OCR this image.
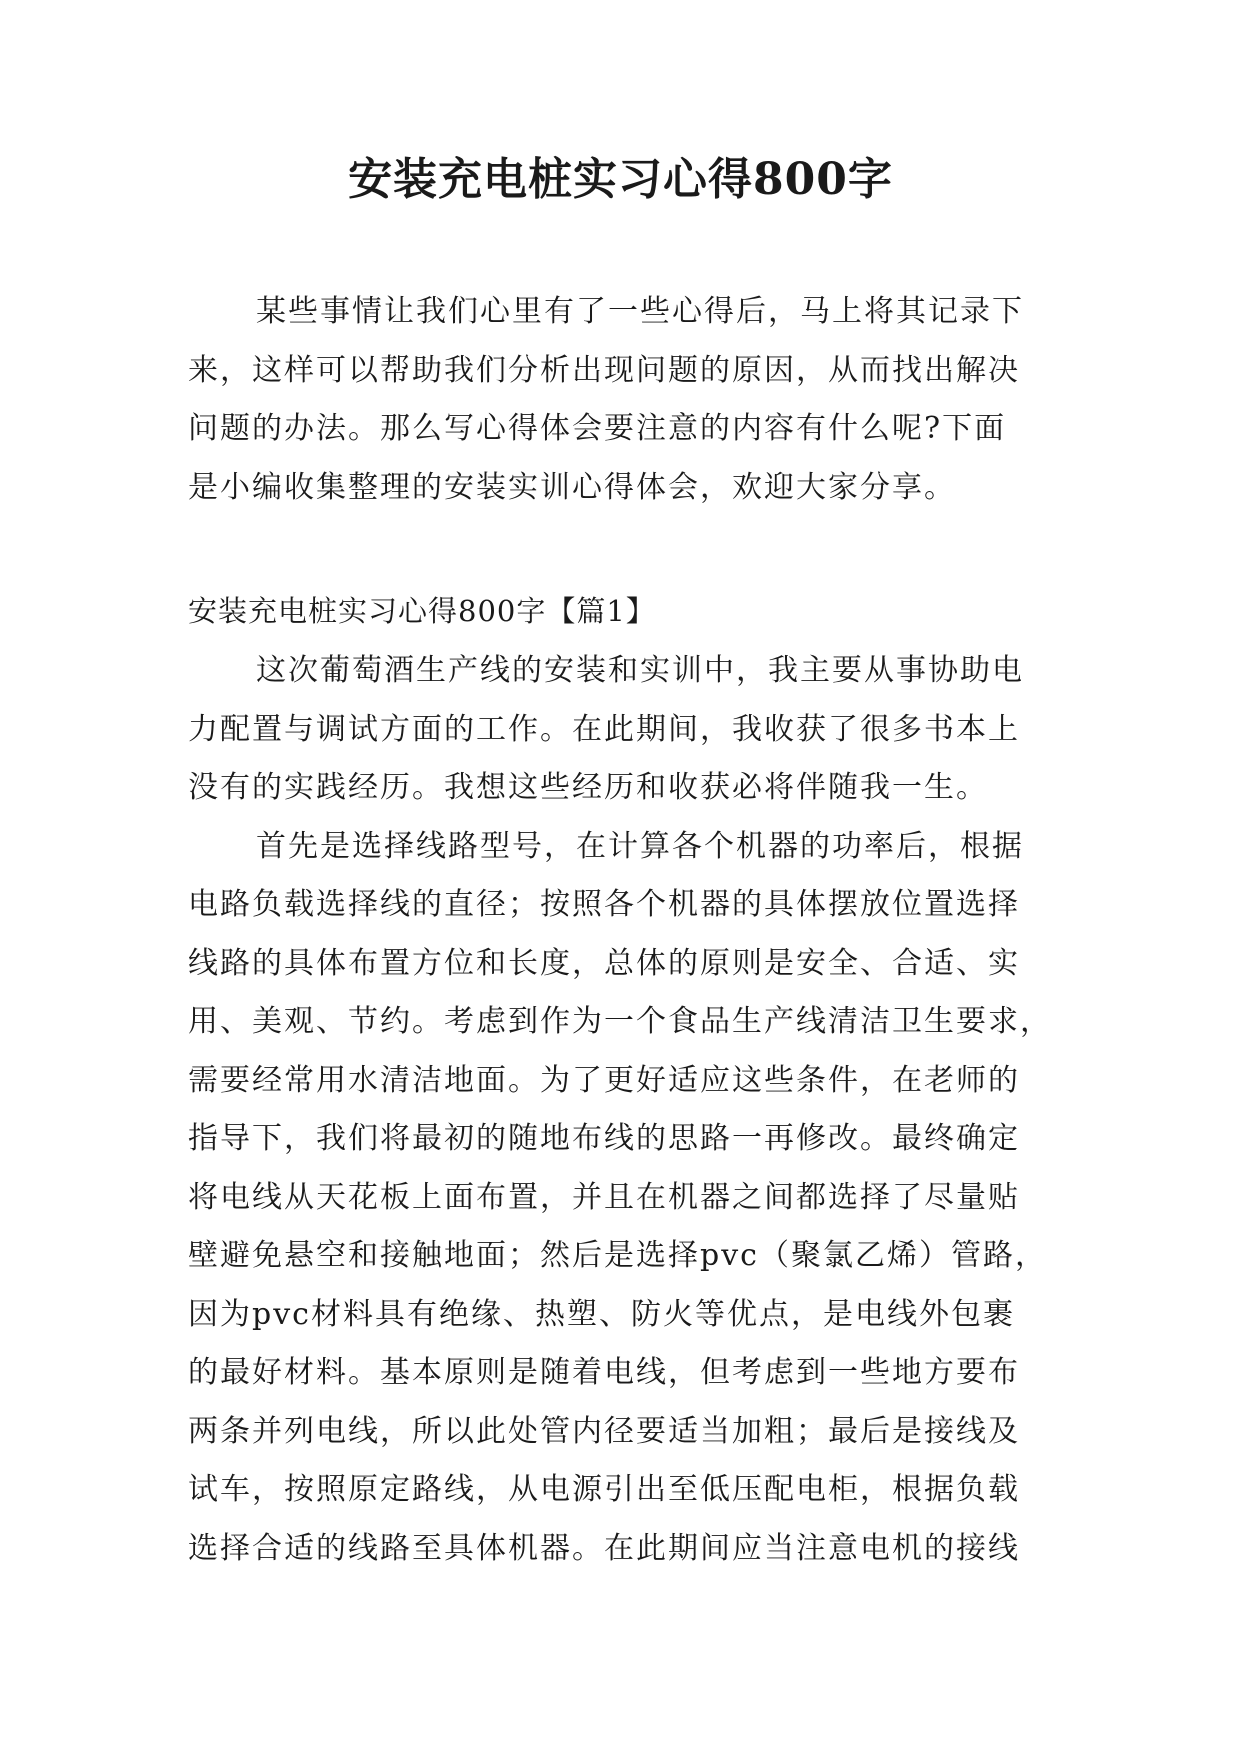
安装充电桩实习心得800字
某些事情让我们心里有了一些心得后，马上将其记录下
来，这样可以帮助我们分析出现问题的原因，从而找出解决
问题的办法。那么写心得体会要注意的内容有什么呢?下面
是小编收集整理的安装实训心得体会，欢迎大家分享。
安装充电桩实习心得800字【篇1】
这次葡萄酒生产线的安装和实训中，我主要从事协助电
力配置与调试方面的工作。在此期间，我收获了很多书本上
没有的实践经历。我想这些经历和收获必将伴随我一生。
首先是选择线路型号，在计算各个机器的功率后，根据
电路负载选择线的直径；按照各个机器的具体摆放位置选择
线路的具体布置方位和长度，总体的原则是安全、合适、实
用、美观、节约。考虑到作为一个食品生产线清洁卫生要求，
需要经常用水清洁地面。为了更好适应这些条件，在老师的
指导下，我们将最初的随地布线的思路一再修改。最终确定
将电线从天花板上面布置，并且在机器之间都选择了尽量贴
壁避免悬空和接触地面；然后是选择pvc（聚氯乙烯）管路，
因为pvc材料具有绝缘、热塑、防火等优点，是电线外包裹
的最好材料。基本原则是随着电线，但考虑到一些地方要布
两条并列电线，所以此处管内径要适当加粗；最后是接线及
试车，按照原定路线，从电源引出至低压配电柜，根据负载
选择合适的线路至具体机器。在此期间应当注意电机的接线
